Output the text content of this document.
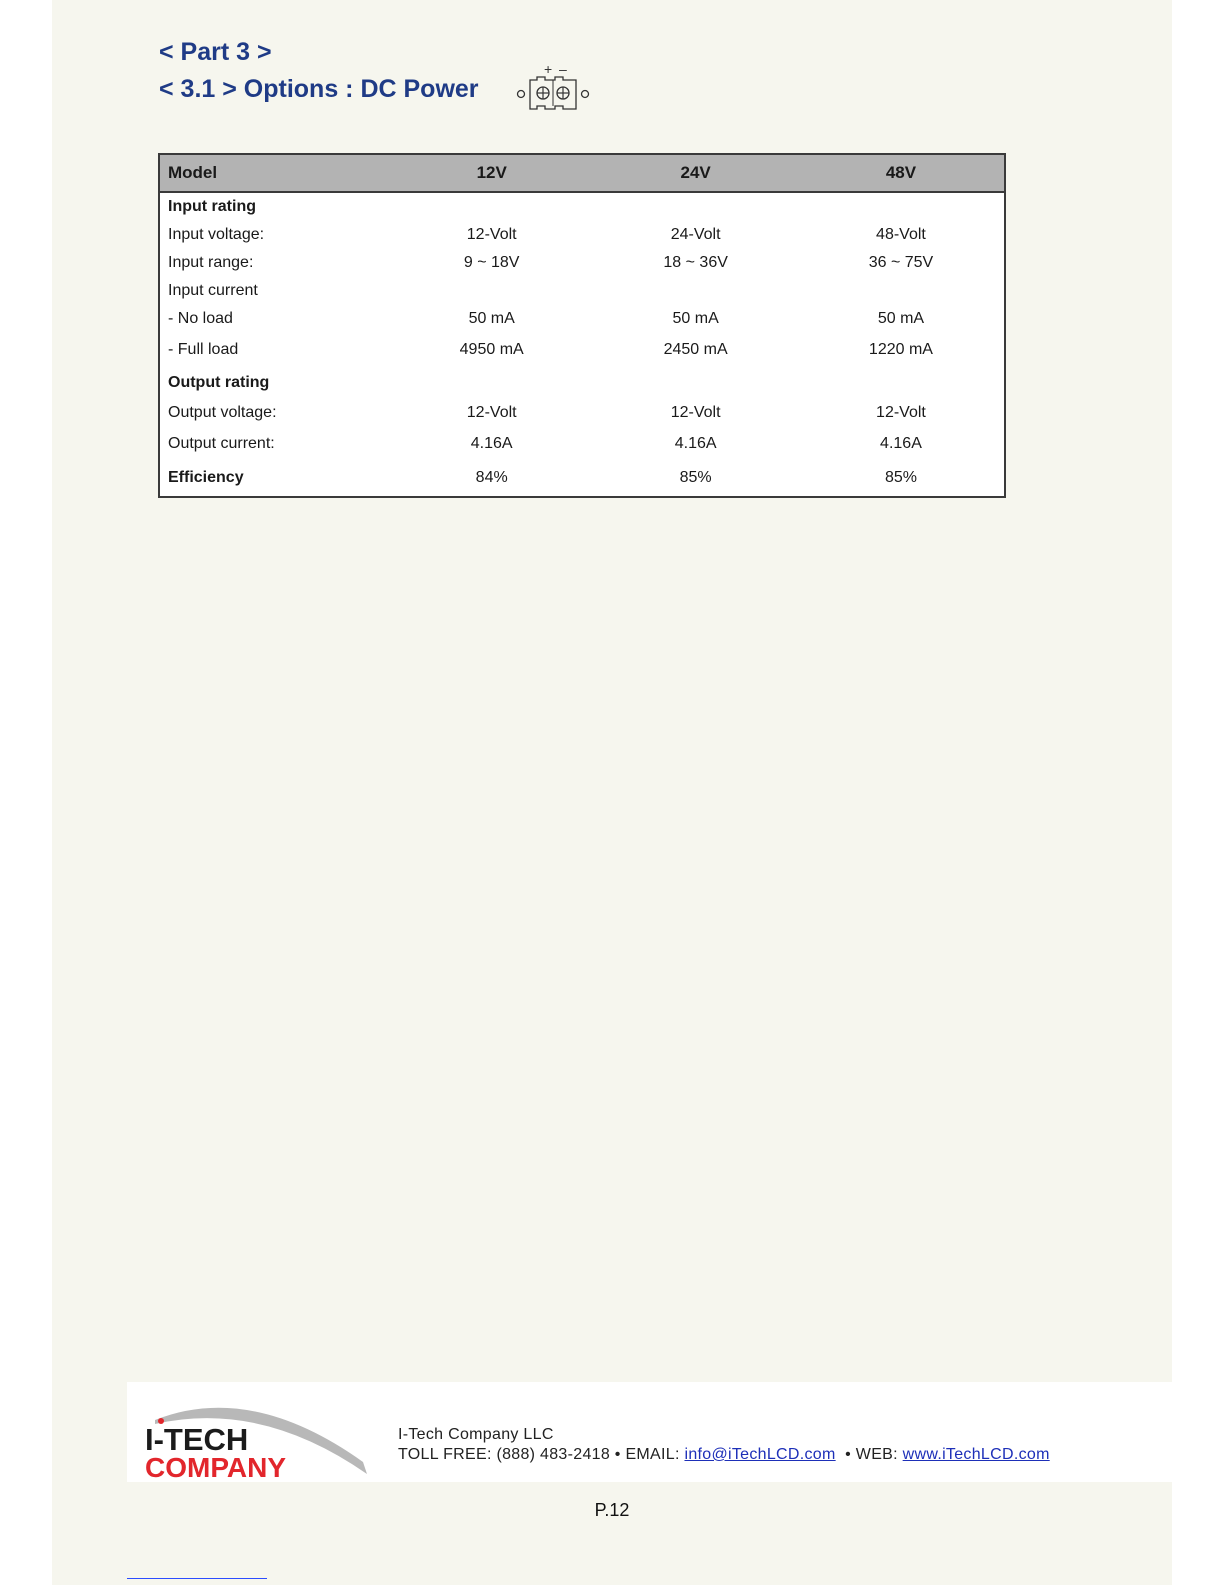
< Part 3 >
< 3.1 > Options : DC Power
+ –
Model	12V	24V	48V
Input rating			
Input voltage:	12-Volt	24-Volt	48-Volt
Input range:	9 ~ 18V	18 ~ 36V	36 ~ 75V
Input current			
- No load	50 mA	50 mA	50 mA
- Full load	4950 mA	2450 mA	1220 mA
Output rating			
Output voltage:	12-Volt	12-Volt	12-Volt
Output current:	4.16A	4.16A	4.16A
Efficiency	84%	85%	85%
I-TECH
COMPANY
I-Tech Company LLC
TOLL FREE: (888) 483-2418 • EMAIL: info@iTechLCD.com • WEB: www.iTechLCD.com
P.12
